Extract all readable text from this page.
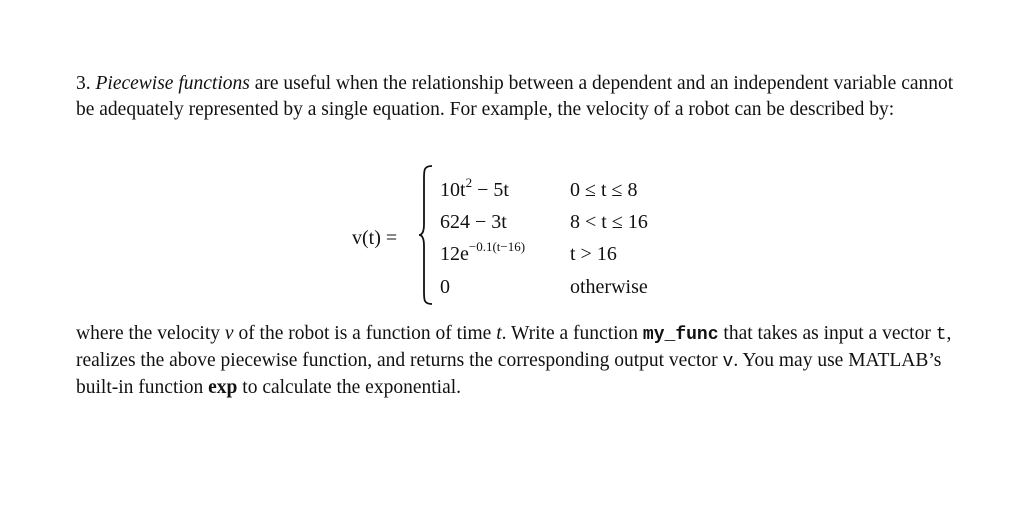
3. Piecewise functions are useful when the relationship between a dependent and an independent variable cannot be adequately represented by a single equation. For example, the velocity of a robot can be described by:

v(t) =
$10t^2 - 5t$	0 ≤ t ≤ 8
624 − 3t	8 < t ≤ 16
$12e^{-0.1(t-16)}$ t > 16
0	otherwise

where the velocity v of the robot is a function of time t. Write a function my_func that takes as input a vector t, realizes the above piecewise function, and returns the corresponding output vector v. You may use MATLAB’s built-in function exp to calculate the exponential.
